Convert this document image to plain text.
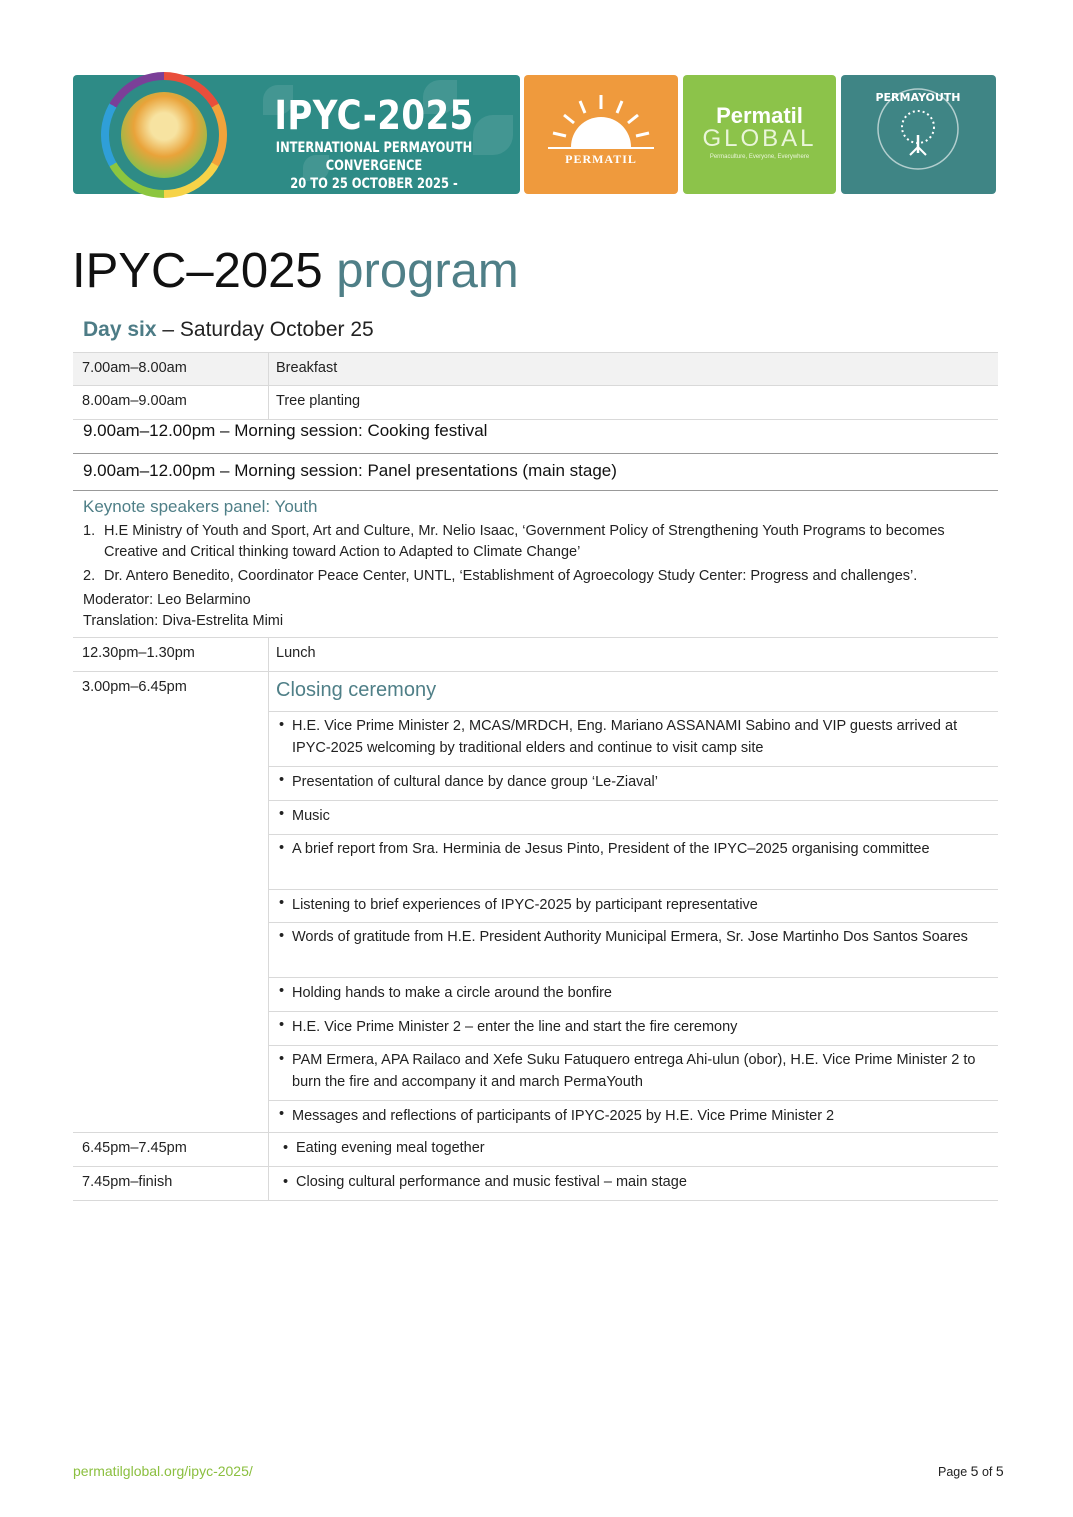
IPYC-2025
INTERNATIONAL PERMAYOUTH CONVERGENCE
20 TO 25 OCTOBER 2025 - TIMOR-LESTE
PERMATIL
Permatil
GLOBAL
Permaculture, Everyone, Everywhere
PERMAYOUTH
IPYC–2025 program
Day six – Saturday October 25
7.00am–8.00am	Breakfast
8.00am–9.00am	Tree planting
9.00am–12.00pm – Morning session: Cooking festival
9.00am–12.00pm – Morning session: Panel presentations (main stage)
Keynote speakers panel: Youth
1. H.E Ministry of Youth and Sport, Art and Culture, Mr. Nelio Isaac, ‘Government Policy of Strengthening Youth Programs to becomes Creative and Critical thinking toward Action to Adapted to Climate Change’
2. Dr. Antero Benedito, Coordinator Peace Center, UNTL, ‘Establishment of Agroecology Study Center: Progress and challenges’.
Moderator: Leo Belarmino
Translation: Diva-Estrelita Mimi
12.30pm–1.30pm	Lunch
3.00pm–6.45pm	Closing ceremony
• H.E. Vice Prime Minister 2, MCAS/MRDCH, Eng. Mariano ASSANAMI Sabino and VIP guests arrived at IPYC-2025 welcoming by traditional elders and continue to visit camp site
• Presentation of cultural dance by dance group ‘Le-Ziaval’
• Music
• A brief report from Sra. Herminia de Jesus Pinto, President of the IPYC–2025 organising committee
• Listening to brief experiences of IPYC-2025 by participant representative
• Words of gratitude from H.E. President Authority Municipal Ermera, Sr. Jose Martinho Dos Santos Soares
• Holding hands to make a circle around the bonfire
• H.E. Vice Prime Minister 2 – enter the line and start the fire ceremony
• PAM Ermera, APA Railaco and Xefe Suku Fatuquero entrega Ahi-ulun (obor), H.E. Vice Prime Minister 2 to burn the fire and accompany it and march PermaYouth
• Messages and reflections of participants of IPYC-2025 by H.E. Vice Prime Minister 2
6.45pm–7.45pm	• Eating evening meal together
7.45pm–finish	• Closing cultural performance and music festival – main stage
permatilglobal.org/ipyc-2025/	Page 5 of 5
